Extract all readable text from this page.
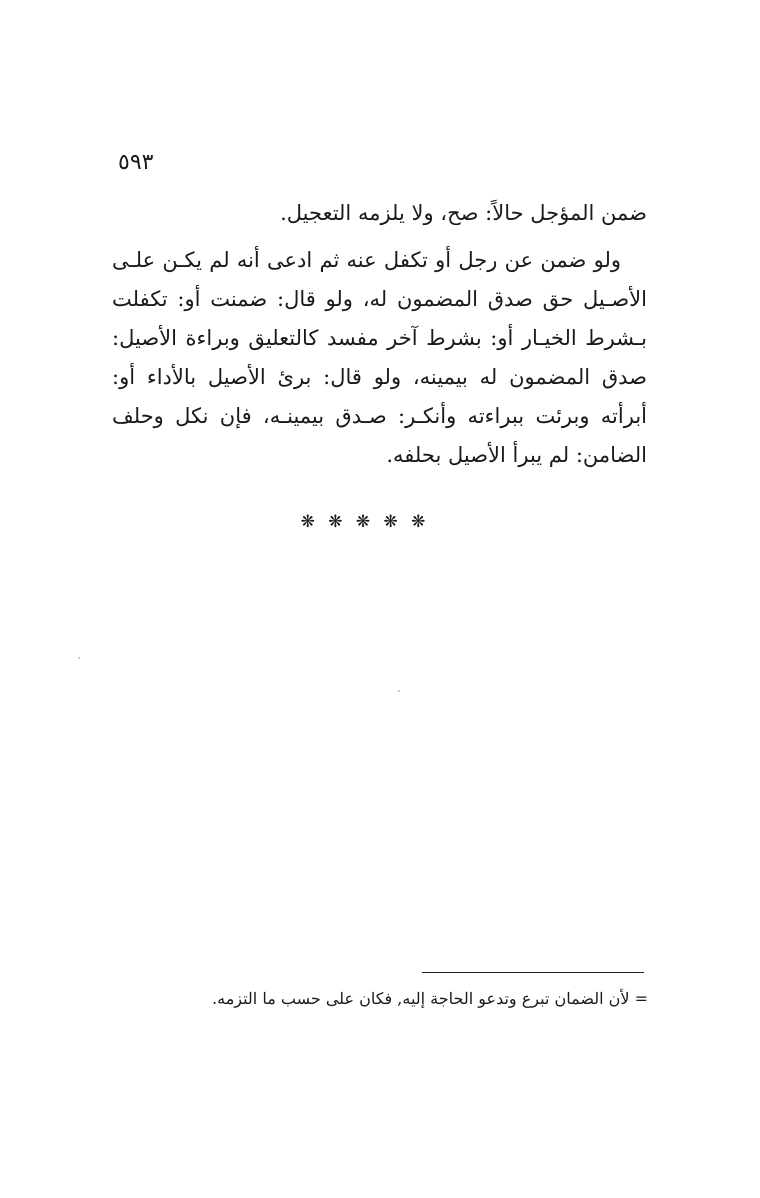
٥٩٣

ضمن المؤجل حالاً: صح، ولا يلزمه التعجيل.

ولو ضمن عن رجل أو تكفل عنه ثم ادعى أنه لم يكـن علـى الأصـيل حق صدق المضمون له، ولو قال: ضمنت أو: تكفلت بـشرط الخيـار أو: بشرط آخر مفسد كالتعليق وبراءة الأصيل: صدق المضمون له بيمينه، ولو قال: برئ الأصيل بالأداء أو: أبرأته وبرئت ببراءته وأنكـر: صـدق بيمينـه، فإن نكل وحلف الضامن: لم يبرأ الأصيل بحلفه.

❋ ❋ ❋ ❋ ❋
= لأن الضمان تبرع وتدعو الحاجة إليه, فكان على حسب ما التزمه.
